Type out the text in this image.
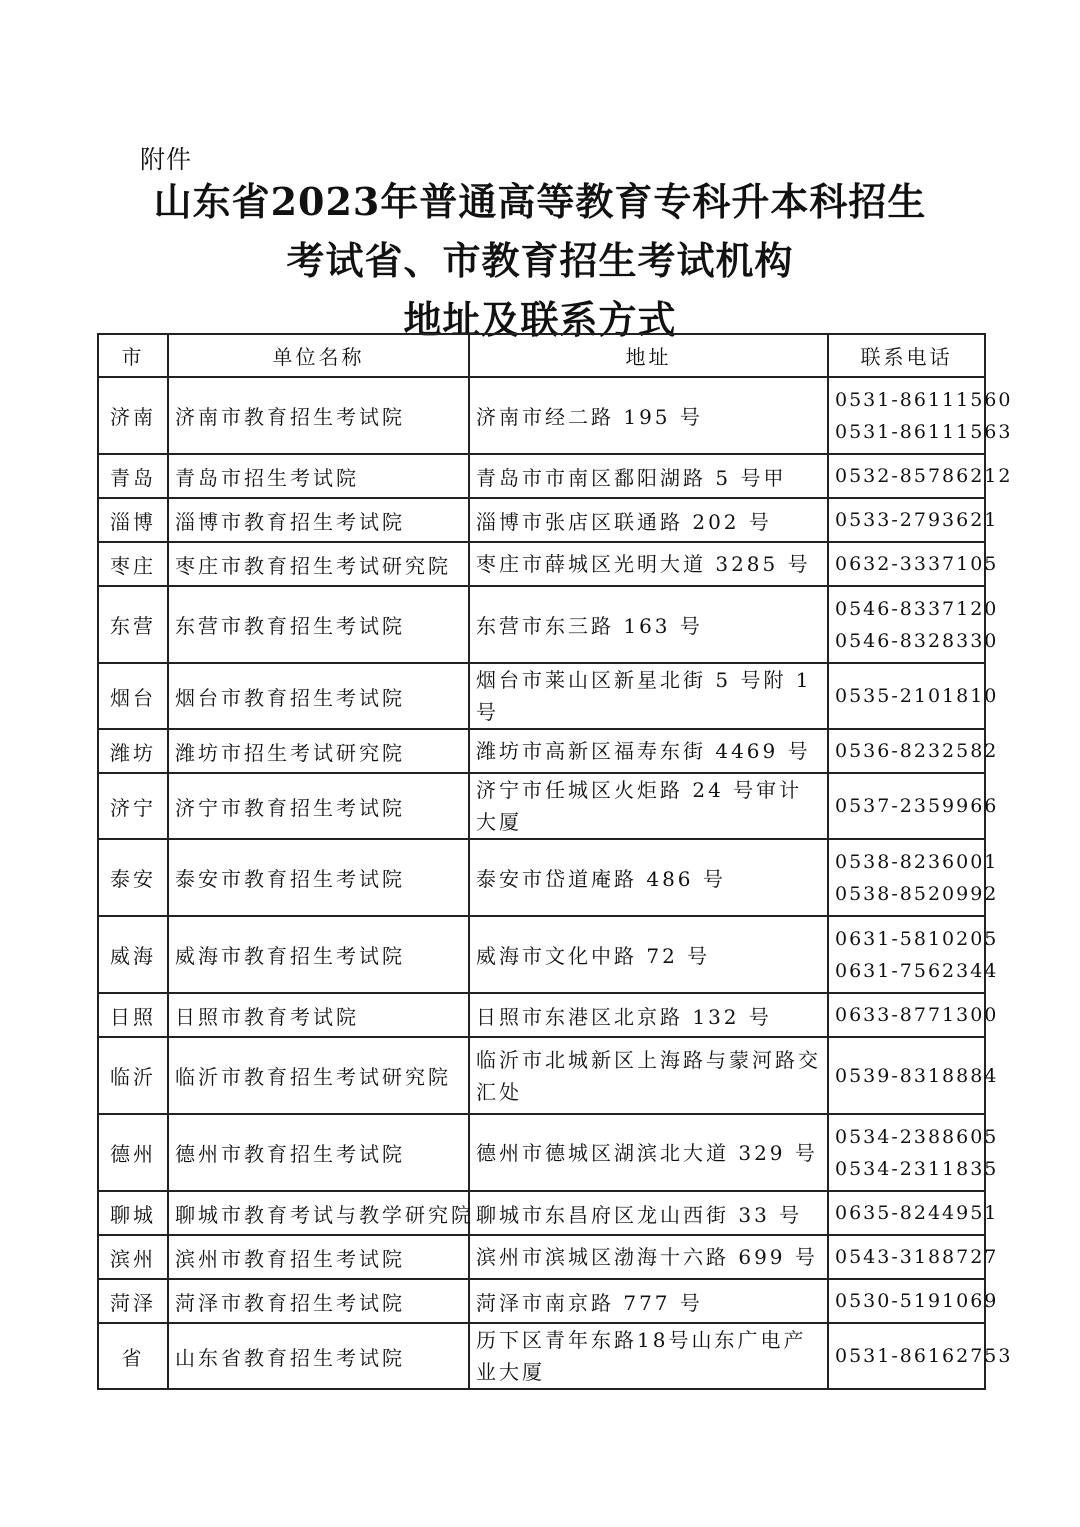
附件
山东省2023年普通高等教育专科升本科招生
考试省、市教育招生考试机构
地址及联系方式
市	单位名称	地址	联系电话
济南	济南市教育招生考试院	济南市经二路 195 号	0531-86111560
0531-86111563

青岛	青岛市招生考试院	青岛市市南区鄱阳湖路 5 号甲	0532-85786212

淄博	淄博市教育招生考试院	淄博市张店区联通路 202 号	0533-2793621

枣庄	枣庄市教育招生考试研究院	枣庄市薛城区光明大道 3285 号	0632-3337105

东营	东营市教育招生考试院	东营市东三路 163 号	0546-8337120
0546-8328330

烟台	烟台市教育招生考试院	烟台市莱山区新星北街 5 号附 1 号	0535-2101810

潍坊	潍坊市招生考试研究院	潍坊市高新区福寿东街 4469 号	0536-8232582

济宁	济宁市教育招生考试院	济宁市任城区火炬路 24 号审计大厦	0537-2359966

泰安	泰安市教育招生考试院	泰安市岱道庵路 486 号	0538-8236001
0538-8520992

威海	威海市教育招生考试院	威海市文化中路 72 号	0631-5810205
0631-7562344

日照	日照市教育考试院	日照市东港区北京路 132 号	0633-8771300

临沂	临沂市教育招生考试研究院	临沂市北城新区上海路与蒙河路交汇处	0539-8318884

德州	德州市教育招生考试院	德州市德城区湖滨北大道 329 号	0534-2388605
0534-2311835

聊城	聊城市教育考试与教学研究院	聊城市东昌府区龙山西街 33 号	0635-8244951

滨州	滨州市教育招生考试院	滨州市滨城区渤海十六路 699 号	0543-3188727

菏泽	菏泽市教育招生考试院	菏泽市南京路 777 号	0530-5191069

省	山东省教育招生考试院	历下区青年东路18号山东广电产业大厦	0531-86162753
